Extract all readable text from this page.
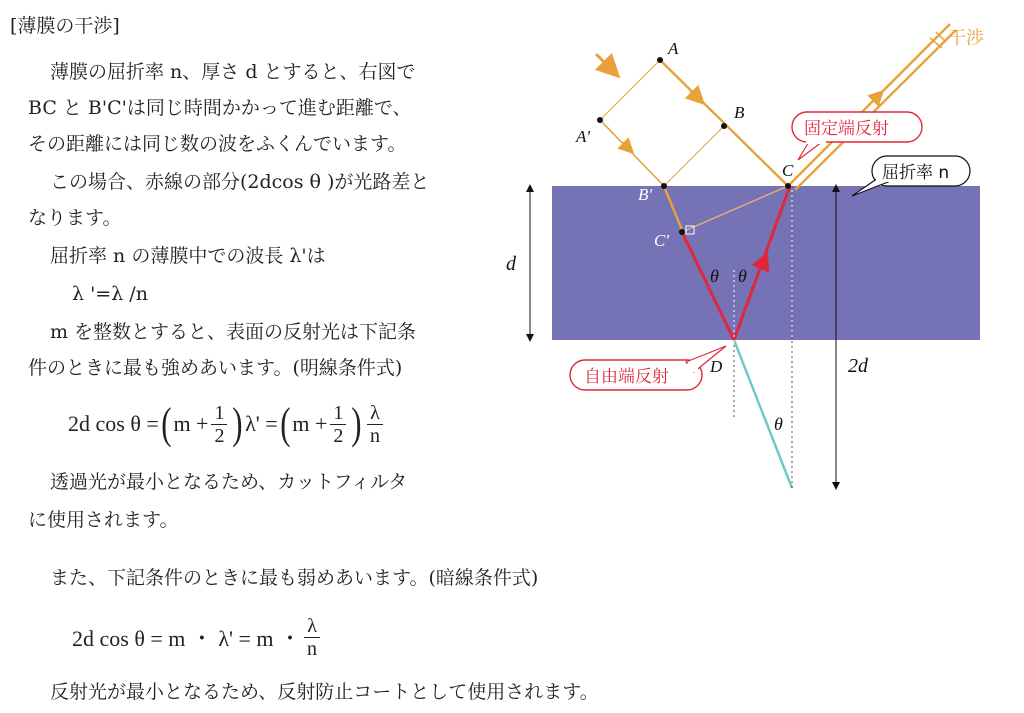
[薄膜の干渉]
薄膜の屈折率 n、厚さ d とすると、右図で
BC と B'C'は同じ時間かかって進む距離で、
その距離には同じ数の波をふくんでいます。
この場合、赤線の部分(2dcos θ )が光路差と
なります。
屈折率 n の薄膜中での波長 λ'は
λ '=λ /n
m を整数とすると、表面の反射光は下記条
件のときに最も強めあいます。(明線条件式)
2d cos θ = ( $m + \frac{1}{2}$ ) λ' = ( $m + \frac{1}{2}$ ) $\frac{\lambda}{n}$
透過光が最小となるため、カットフィルタ
に使用されます。
また、下記条件のときに最も弱めあいます。(暗線条件式)
2d cos θ = m ・ λ' = m ・ $\frac{\lambda}{n}$
反射光が最小となるため、反射防止コートとして使用されます。
A
B
A'
B'
C
C'
D
θ θ
θ
d
2d
干渉
固定端反射
屈折率 n
自由端反射
